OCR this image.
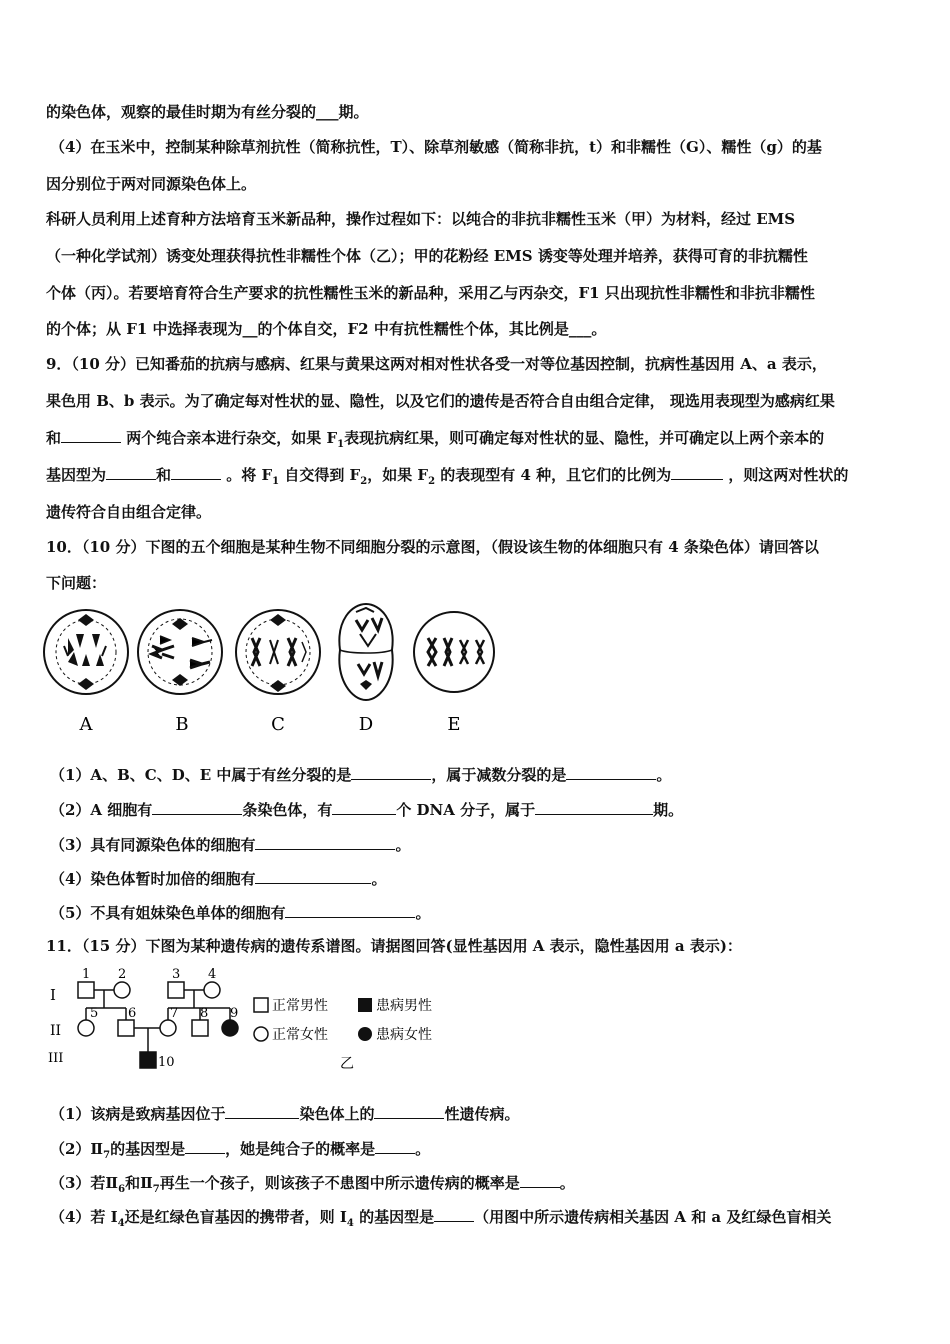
的染色体，观察的最佳时期为有丝分裂的___期。
（4）在玉米中，控制某种除草剂抗性（简称抗性，T）、除草剂敏感（简称非抗，t）和非糯性（G）、糯性（g）的基
因分别位于两对同源染色体上。
科研人员利用上述育种方法培育玉米新品种，操作过程如下：以纯合的非抗非糯性玉米（甲）为材料，经过 EMS
（一种化学试剂）诱变处理获得抗性非糯性个体（乙）；甲的花粉经 EMS 诱变等处理并培养，获得可育的非抗糯性
个体（丙）。若要培育符合生产要求的抗性糯性玉米的新品种，采用乙与丙杂交，F1 只出现抗性非糯性和非抗非糯性
的个体；从 F1 中选择表现为__的个体自交，F2 中有抗性糯性个体，其比例是___。
9．（10 分）已知番茄的抗病与感病、红果与黄果这两对相对性状各受一对等位基因控制，抗病性基因用 A、a 表示，
果色用 B、b 表示。为了确定每对性状的显、隐性，以及它们的遗传是否符合自由组合定律， 现选用表现型为感病红果
和	两个纯合亲本进行杂交，如果 $F_1$表现抗病红果，则可确定每对性状的显、隐性，并可确定以上两个亲本的
基因型为	和	。将 $F_1$ 自交得到 $F_2$，如果 $F_2$ 的表现型有 4 种，且它们的比例为	，则这两对性状的
遗传符合自由组合定律。
10．（10 分）下图的五个细胞是某种生物不同细胞分裂的示意图，（假设该生物的体细胞只有 4 条染色体）请回答以
下问题：
A	B	C	D	E
（1）A、B、C、D、E 中属于有丝分裂的是	，属于减数分裂的是	。
（2）A 细胞有	条染色体，有	个 DNA 分子，属于	期。
（3）具有同源染色体的细胞有	。
（4）染色体暂时加倍的细胞有	。
（5）不具有姐妹染色单体的细胞有	。
11．（15 分）下图为某种遗传病的遗传系谱图。请据图回答(显性基因用 A 表示，隐性基因用 a 表示)：
I
II
III
1 2	3 4
5 6	7 8 9
10
正常男性	患病男性
正常女性	患病女性
乙
（1）该病是致病基因位于	染色体上的	性遗传病。
$(2)Ⅱ_7$的基因型是	，她是纯合子的概率是	。
（3）若$Ⅱ_6$和$Ⅱ_7$再生一个孩子，则该孩子不患图中所示遗传病的概率是	。
（4）若 $I_4$还是红绿色盲基因的携带者，则 $I_4$ 的基因型是	（用图中所示遗传病相关基因 A 和 a 及红绿色盲相关
